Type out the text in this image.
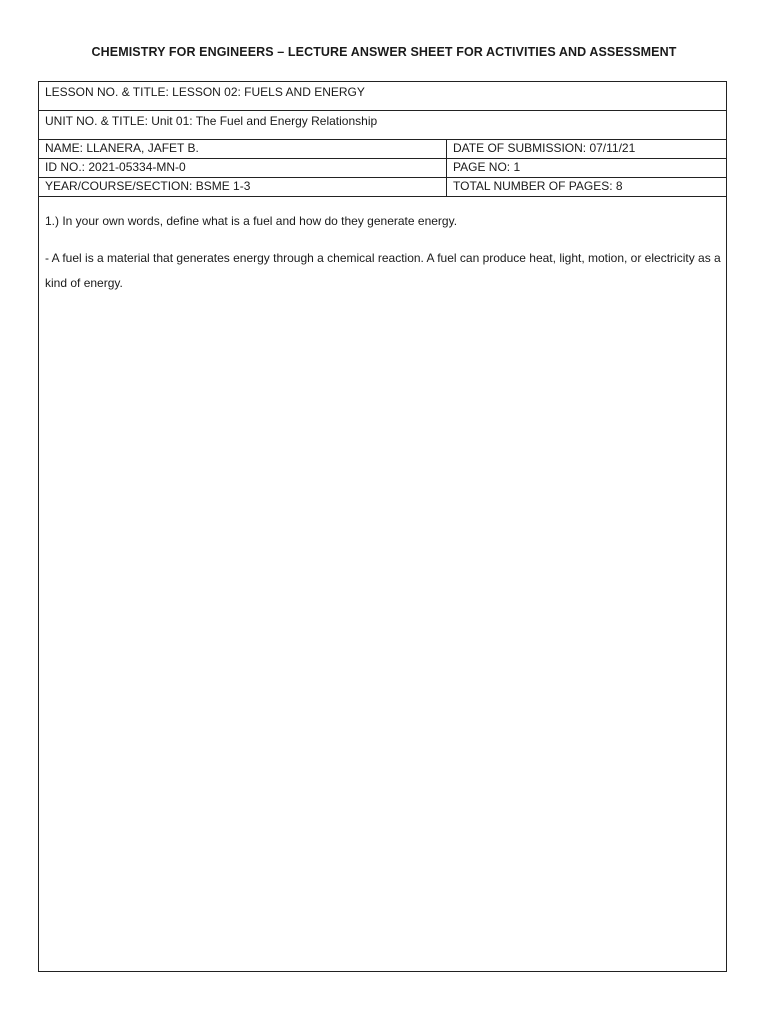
CHEMISTRY FOR ENGINEERS – LECTURE ANSWER SHEET FOR ACTIVITIES AND ASSESSMENT
LESSON NO. & TITLE: LESSON 02: FUELS AND ENERGY
UNIT NO. & TITLE: Unit 01: The Fuel and Energy Relationship
NAME: LLANERA, JAFET B.	DATE OF SUBMISSION: 07/11/21
ID NO.: 2021-05334-MN-0	PAGE NO: 1
YEAR/COURSE/SECTION: BSME 1-3	TOTAL NUMBER OF PAGES: 8

1.) In your own words, define what is a fuel and how do they generate energy.

- A fuel is a material that generates energy through a chemical reaction. A fuel can produce heat, light, motion, or electricity as a kind of energy.
